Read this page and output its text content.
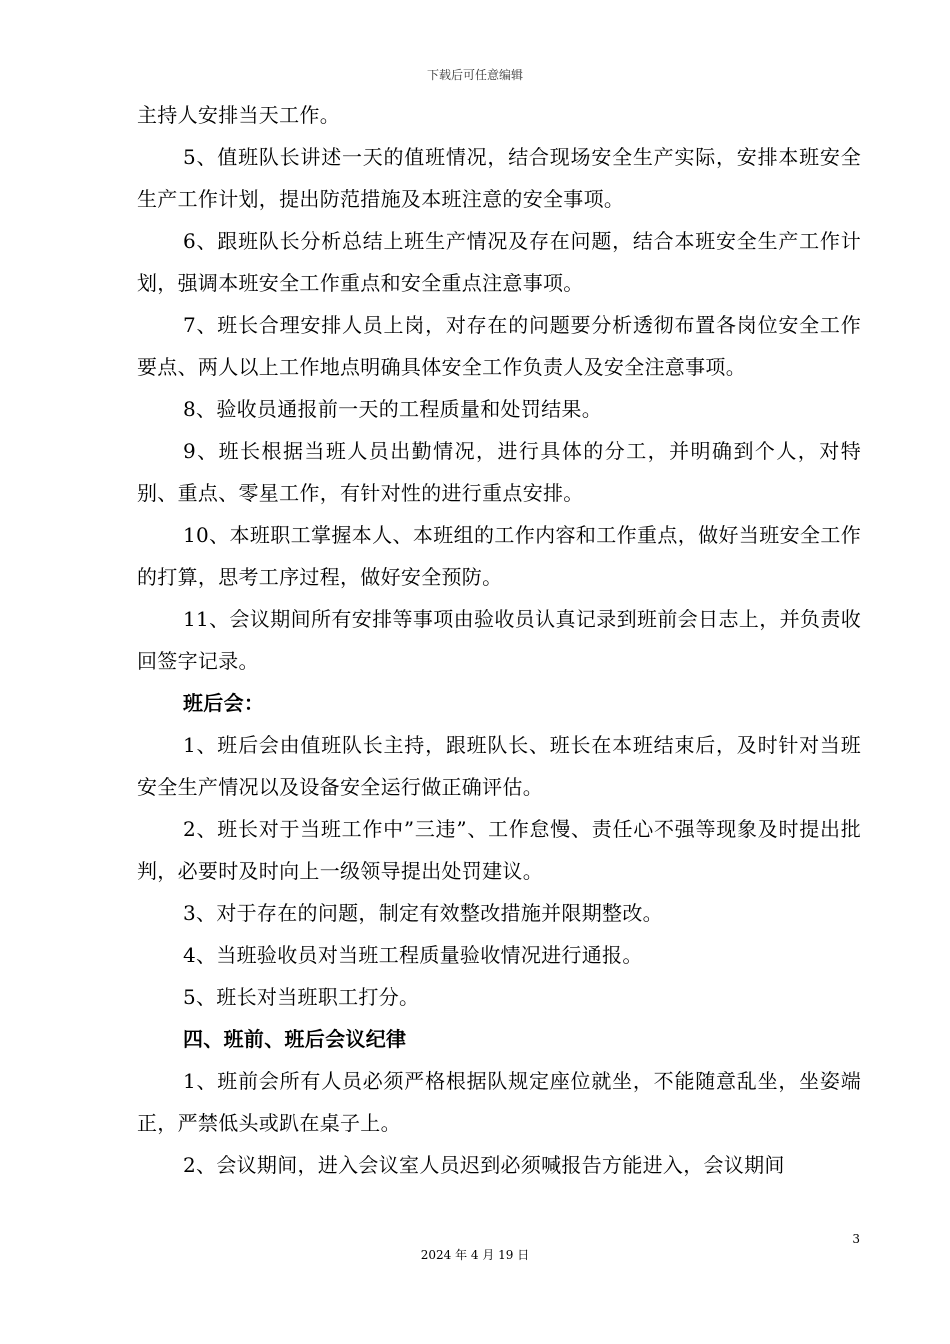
下载后可任意编辑

主持人安排当天工作。

5、值班队长讲述一天的值班情况，结合现场安全生产实际，安排本班安全生产工作计划，提出防范措施及本班注意的安全事项。

6、跟班队长分析总结上班生产情况及存在问题，结合本班安全生产工作计划，强调本班安全工作重点和安全重点注意事项。

7、班长合理安排人员上岗，对存在的问题要分析透彻布置各岗位安全工作要点、两人以上工作地点明确具体安全工作负责人及安全注意事项。

8、验收员通报前一天的工程质量和处罚结果。

9、班长根据当班人员出勤情况，进行具体的分工，并明确到个人，对特别、重点、零星工作，有针对性的进行重点安排。

10、本班职工掌握本人、本班组的工作内容和工作重点，做好当班安全工作的打算，思考工序过程，做好安全预防。

11、会议期间所有安排等事项由验收员认真记录到班前会日志上，并负责收回签字记录。

班后会：

1、班后会由值班队长主持，跟班队长、班长在本班结束后，及时针对当班安全生产情况以及设备安全运行做正确评估。

2、班长对于当班工作中”三违”、工作怠慢、责任心不强等现象及时提出批判，必要时及时向上一级领导提出处罚建议。

3、对于存在的问题，制定有效整改措施并限期整改。

4、当班验收员对当班工程质量验收情况进行通报。

5、班长对当班职工打分。

四、班前、班后会议纪律

1、班前会所有人员必须严格根据队规定座位就坐，不能随意乱坐，坐姿端正，严禁低头或趴在桌子上。

2、会议期间，进入会议室人员迟到必须喊报告方能进入，会议期间

3
2024 年 4 月 19 日
